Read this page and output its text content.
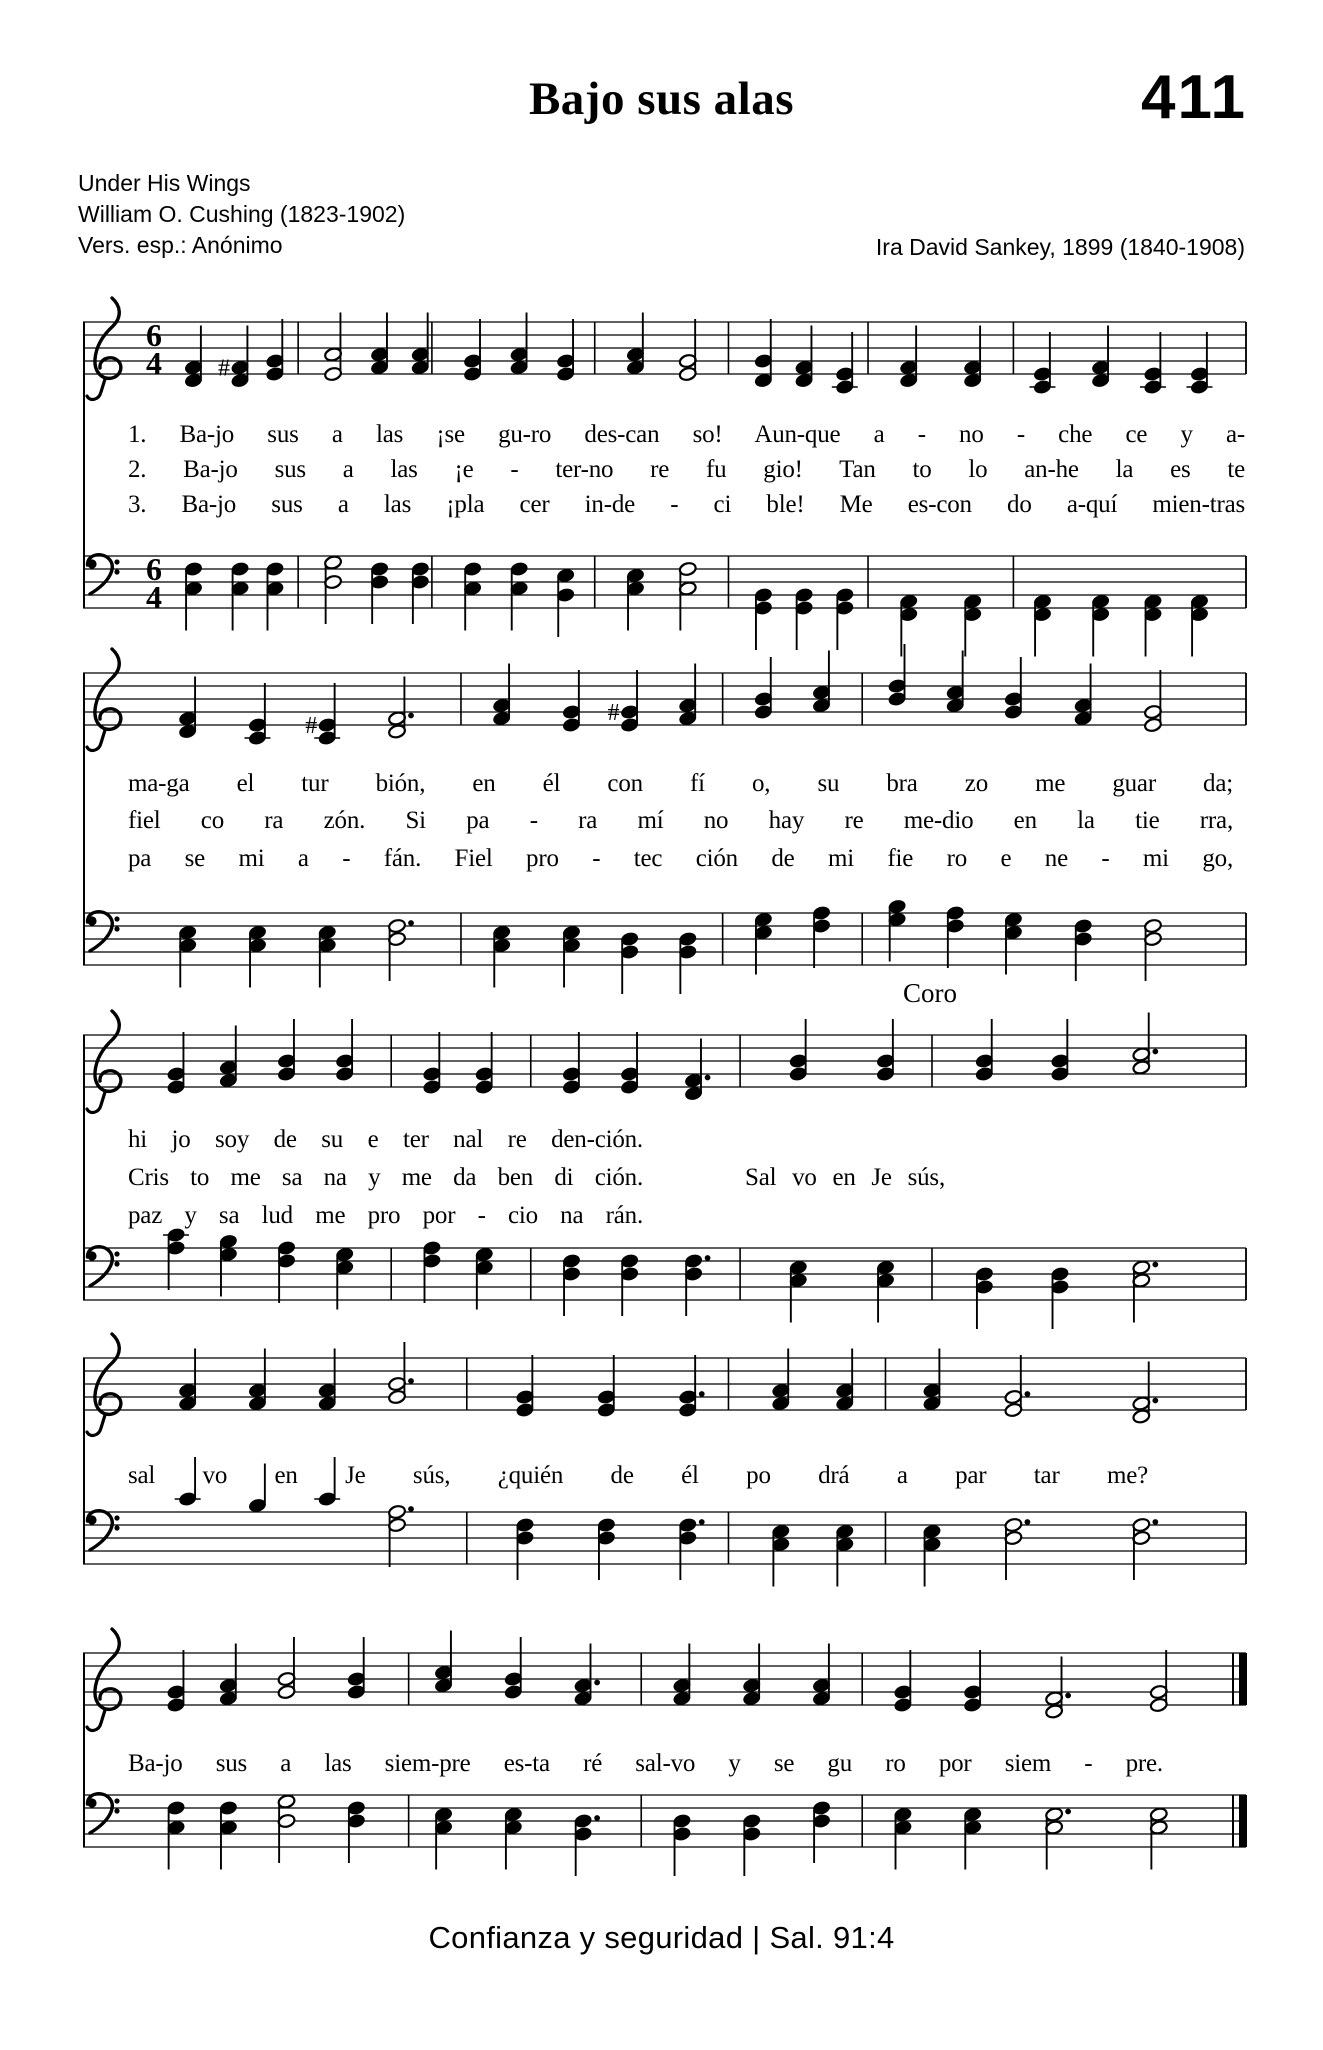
Bajo sus alas	411
Under His Wings
William O. Cushing (1823-1902)
Vers. esp.: Anónimo	Ira David Sankey, 1899 (1840-1908)
6
4 #
6
4
#	#
1. Ba-jo sus a las ¡se gu-ro des-can so! Aun-que a - no - che ce y a-
2. Ba-jo sus a las ¡e - ter-no re fu gio! Tan to lo an-he la es te
3. Ba-jo sus a las ¡pla cer in-de - ci ble! Me es-con do a-quí mien-tras
ma-ga el tur bión, en él con fí o, su bra zo me guar da;
fiel co ra zón. Si pa - ra mí no hay re me-dio en la tie rra,
pa se mi a - fán. Fiel pro - tec ción de mi fie ro e ne - mi go,
Coro
hi jo soy de su e ter nal re den-ción.
Cris to me sa na y me da ben di ción.	Sal vo en Je sús,
paz y sa lud me pro por - cio na rán.
sal vo en Je sús, ¿quién de él po drá a par tar me?
Ba-jo sus a las siem-pre es-ta ré sal-vo y se gu ro por siem - pre.
Confianza y seguridad | Sal. 91:4
